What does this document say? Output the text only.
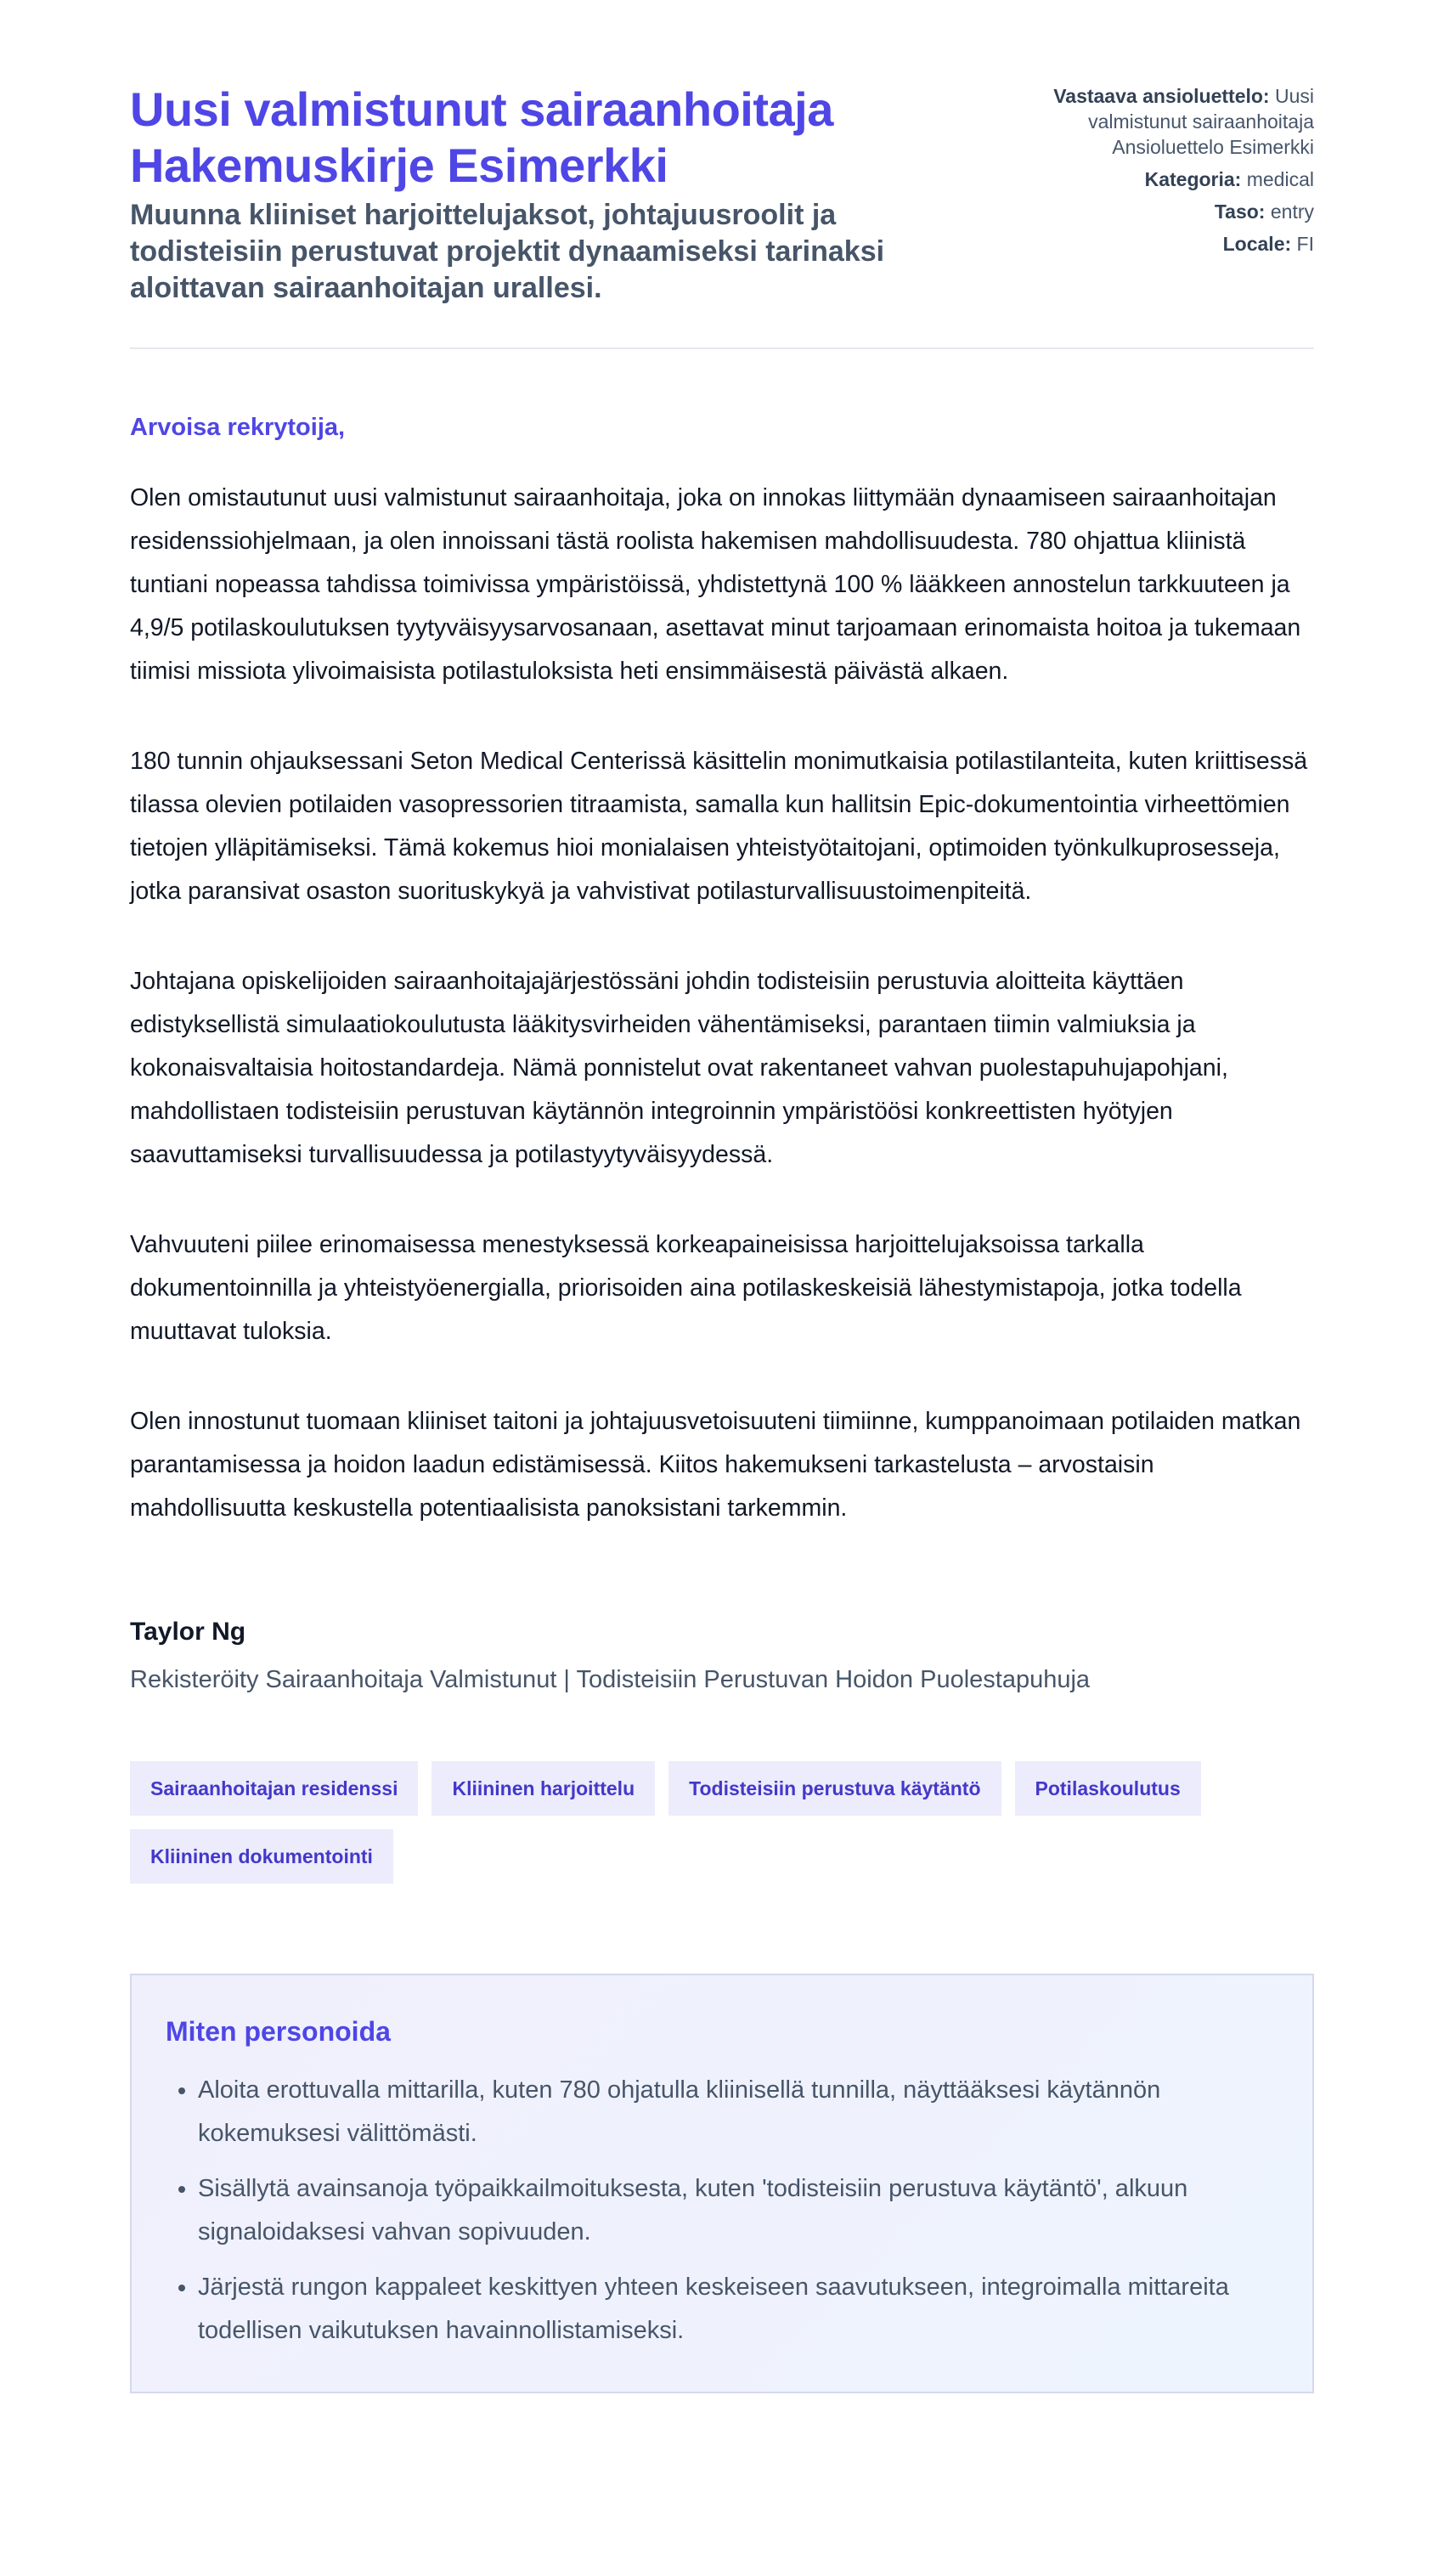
Uusi valmistunut sairaanhoitaja
Hakemuskirje Esimerkki

Muunna kliiniset harjoittelujaksot, johtajuusroolit ja todisteisiin perustuvat projektit dynaamiseksi tarinaksi aloittavan sairaanhoitajan urallesi.

Vastaava ansioluettelo: Uusi valmistunut sairaanhoitaja Ansioluettelo Esimerkki
Kategoria: medical
Taso: entry
Locale: FI

Arvoisa rekrytoija,

Olen omistautunut uusi valmistunut sairaanhoitaja, joka on innokas liittymään dynaamiseen sairaanhoitajan residenssiohjelmaan, ja olen innoissani tästä roolista hakemisen mahdollisuudesta. 780 ohjattua kliinistä tuntiani nopeassa tahdissa toimivissa ympäristöissä, yhdistettynä 100 % lääkkeen annostelun tarkkuuteen ja 4,9/5 potilaskoulutuksen tyytyväisyysarvosanaan, asettavat minut tarjoamaan erinomaista hoitoa ja tukemaan tiimisi missiota ylivoimaisista potilastuloksista heti ensimmäisestä päivästä alkaen.

180 tunnin ohjauksessani Seton Medical Centerissä käsittelin monimutkaisia potilastilanteita, kuten kriittisessä tilassa olevien potilaiden vasopressorien titraamista, samalla kun hallitsin Epic-dokumentointia virheettömien tietojen ylläpitämiseksi. Tämä kokemus hioi monialaisen yhteistyötaitojani, optimoiden työnkulkuprosesseja, jotka paransivat osaston suorituskykyä ja vahvistivat potilasturvallisuustoimenpiteitä.

Johtajana opiskelijoiden sairaanhoitajajärjestössäni johdin todisteisiin perustuvia aloitteita käyttäen edistyksellistä simulaatiokoulutusta lääkitysvirheiden vähentämiseksi, parantaen tiimin valmiuksia ja kokonaisvaltaisia hoitostandardeja. Nämä ponnistelut ovat rakentaneet vahvan puolestapuhujapohjani, mahdollistaen todisteisiin perustuvan käytännön integroinnin ympäristöösi konkreettisten hyötyjen saavuttamiseksi turvallisuudessa ja potilastyytyväisyydessä.

Vahvuuteni piilee erinomaisessa menestyksessä korkeapaineisissa harjoittelujaksoissa tarkalla dokumentoinnilla ja yhteistyöenergialla, priorisoiden aina potilaskeskeisiä lähestymistapoja, jotka todella muuttavat tuloksia.

Olen innostunut tuomaan kliiniset taitoni ja johtajuusvetoisuuteni tiimiinne, kumppanoimaan potilaiden matkan parantamisessa ja hoidon laadun edistämisessä. Kiitos hakemukseni tarkastelusta – arvostaisin mahdollisuutta keskustella potentiaalisista panoksistani tarkemmin.

Taylor Ng

Rekisteröity Sairaanhoitaja Valmistunut | Todisteisiin Perustuvan Hoidon Puolestapuhuja

Sairaanhoitajan residenssi	Kliininen harjoittelu	Todisteisiin perustuva käytäntö	Potilaskoulutus
Kliininen dokumentointi
Miten personoida
• Aloita erottuvalla mittarilla, kuten 780 ohjatulla kliinisellä tunnilla, näyttääksesi käytännön kokemuksesi välittömästi.
• Sisällytä avainsanoja työpaikkailmoituksesta, kuten 'todisteisiin perustuva käytäntö', alkuun signaloidaksesi vahvan sopivuuden.
• Järjestä rungon kappaleet keskittyen yhteen keskeiseen saavutukseen, integroimalla mittareita todellisen vaikutuksen havainnollistamiseksi.
